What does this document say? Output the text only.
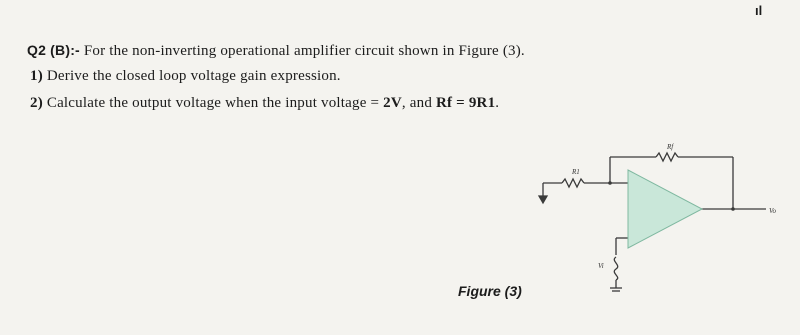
ıl
Q2 (B):- For the non-inverting operational amplifier circuit shown in Figure (3).
1) Derive the closed loop voltage gain expression.
2) Calculate the output voltage when the input voltage = 2V, and Rf = 9R1.
Rf
R1
Vi
Vo
Figure (3)
